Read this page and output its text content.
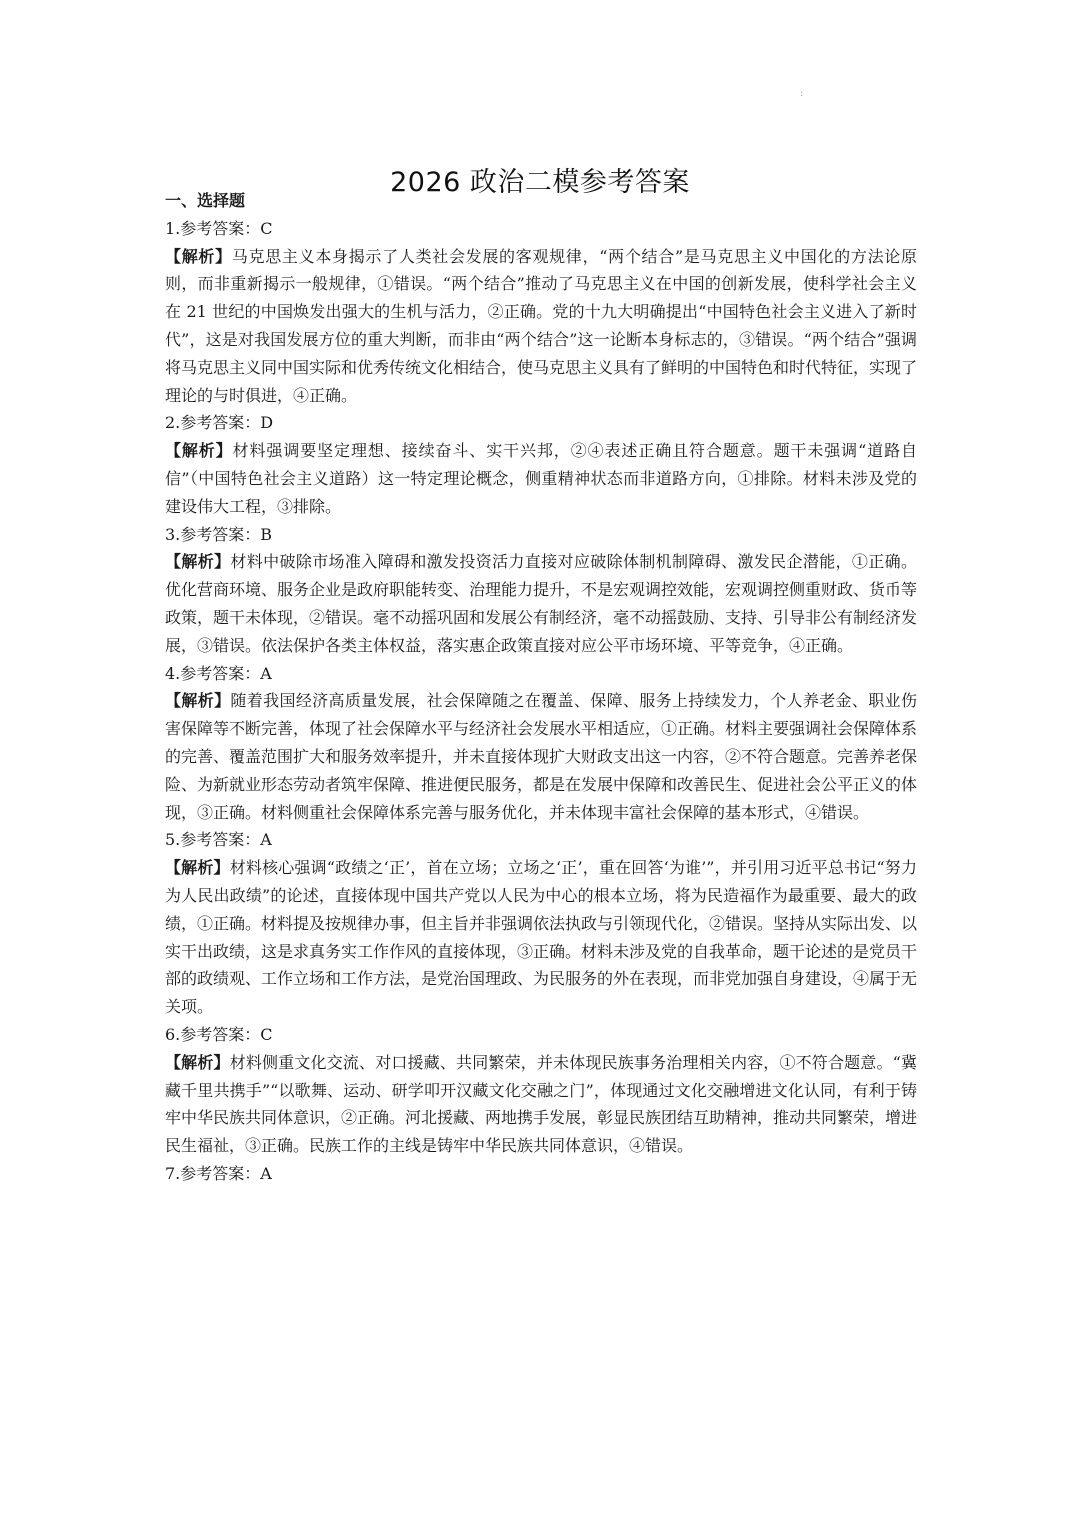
:
2026 政治二模参考答案
一、选择题

1.参考答案：C

【解析】马克思主义本身揭示了人类社会发展的客观规律，“两个结合”是马克思主义中国化的方法论原则，而非重新揭示一般规律，①错误。“两个结合”推动了马克思主义在中国的创新发展，使科学社会主义在 21 世纪的中国焕发出强大的生机与活力，②正确。党的十九大明确提出“中国特色社会主义进入了新时代”，这是对我国发展方位的重大判断，而非由“两个结合”这一论断本身标志的，③错误。“两个结合”强调将马克思主义同中国实际和优秀传统文化相结合，使马克思主义具有了鲜明的中国特色和时代特征，实现了理论的与时俱进，④正确。

2.参考答案：D

【解析】材料强调要坚定理想、接续奋斗、实干兴邦，②④表述正确且符合题意。题干未强调“道路自信”（中国特色社会主义道路）这一特定理论概念，侧重精神状态而非道路方向，①排除。材料未涉及党的建设伟大工程，③排除。

3.参考答案：B

【解析】材料中破除市场准入障碍和激发投资活力直接对应破除体制机制障碍、激发民企潜能，①正确。优化营商环境、服务企业是政府职能转变、治理能力提升，不是宏观调控效能，宏观调控侧重财政、货币等政策，题干未体现，②错误。毫不动摇巩固和发展公有制经济，毫不动摇鼓励、支持、引导非公有制经济发展，③错误。依法保护各类主体权益，落实惠企政策直接对应公平市场环境、平等竞争，④正确。

4.参考答案：A

【解析】随着我国经济高质量发展，社会保障随之在覆盖、保障、服务上持续发力，个人养老金、职业伤害保障等不断完善，体现了社会保障水平与经济社会发展水平相适应，①正确。材料主要强调社会保障体系的完善、覆盖范围扩大和服务效率提升，并未直接体现扩大财政支出这一内容，②不符合题意。完善养老保险、为新就业形态劳动者筑牢保障、推进便民服务，都是在发展中保障和改善民生、促进社会公平正义的体现，③正确。材料侧重社会保障体系完善与服务优化，并未体现丰富社会保障的基本形式，④错误。

5.参考答案：A

【解析】材料核心强调“政绩之‘正’，首在立场；立场之‘正’，重在回答‘为谁’”，并引用习近平总书记“努力为人民出政绩”的论述，直接体现中国共产党以人民为中心的根本立场，将为民造福作为最重要、最大的政绩，①正确。材料提及按规律办事，但主旨并非强调依法执政与引领现代化，②错误。坚持从实际出发、以实干出政绩，这是求真务实工作作风的直接体现，③正确。材料未涉及党的自我革命，题干论述的是党员干部的政绩观、工作立场和工作方法，是党治国理政、为民服务的外在表现，而非党加强自身建设，④属于无关项。

6.参考答案：C

【解析】材料侧重文化交流、对口援藏、共同繁荣，并未体现民族事务治理相关内容，①不符合题意。“冀藏千里共携手”“以歌舞、运动、研学叩开汉藏文化交融之门”，体现通过文化交融增进文化认同，有利于铸牢中华民族共同体意识，②正确。河北援藏、两地携手发展，彰显民族团结互助精神，推动共同繁荣，增进民生福祉，③正确。民族工作的主线是铸牢中华民族共同体意识，④错误。

7.参考答案：A
